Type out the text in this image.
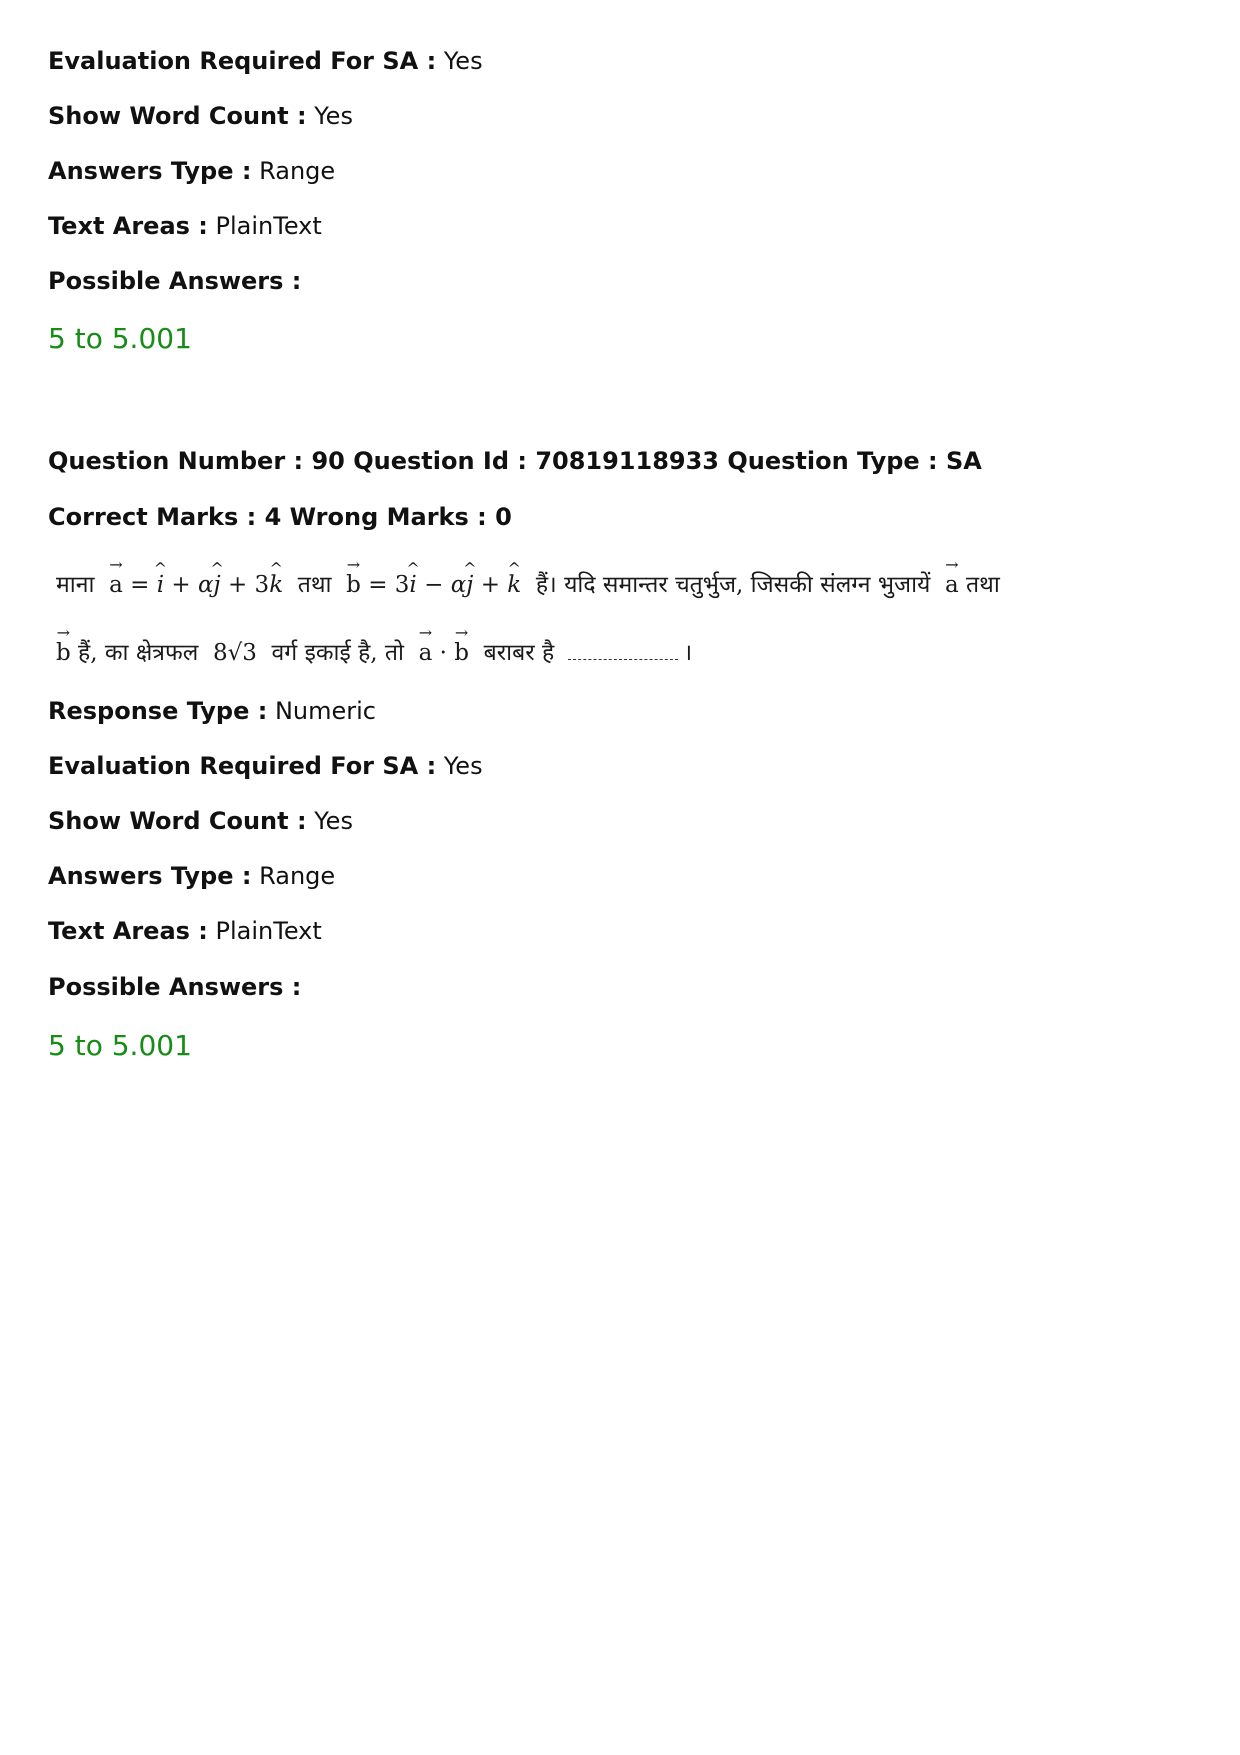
Evaluation Required For SA : Yes
Show Word Count : Yes
Answers Type : Range
Text Areas : PlainText
Possible Answers :
5 to 5.001
Question Number : 90 Question Id : 70819118933 Question Type : SA
Correct Marks : 4 Wrong Marks : 0
माना → a = ^ i + α^ j + 3^ k तथा → b = 3^ i − α^ j + ^ k हैं। यदि समान्तर चतुर्भुज, जिसकी संलग्न भुजायें → a तथा
→ b हैं, का क्षेत्रफल 8√3 वर्ग इकाई है, तो → a · → b बराबर है	।
Response Type : Numeric
Evaluation Required For SA : Yes
Show Word Count : Yes
Answers Type : Range
Text Areas : PlainText
Possible Answers :
5 to 5.001
